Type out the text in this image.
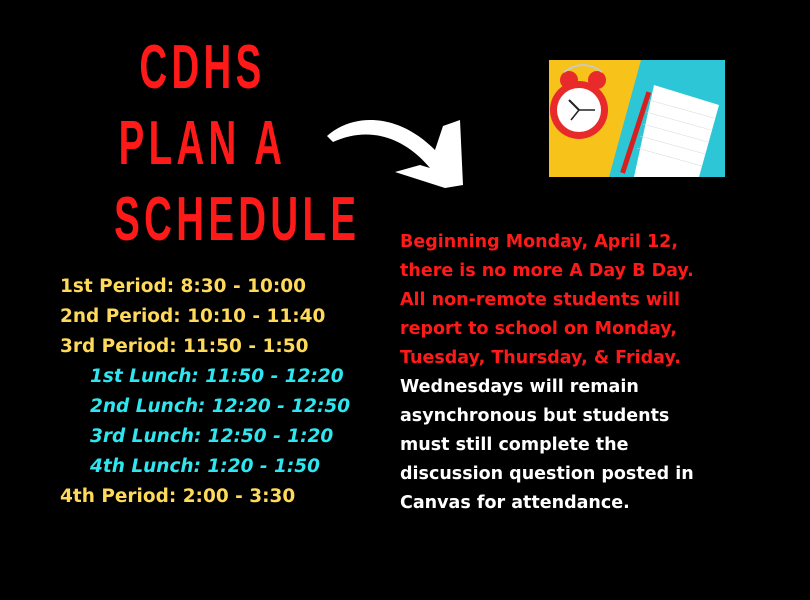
CDHS
PLAN A
SCHEDULE
1st Period: 8:30 - 10:00
2nd Period: 10:10 - 11:40
3rd Period: 11:50 - 1:50
1st Lunch: 11:50 - 12:20
2nd Lunch: 12:20 - 12:50
3rd Lunch: 12:50 - 1:20
4th Lunch: 1:20 - 1:50
4th Period: 2:00 - 3:30
Beginning Monday, April 12,
there is no more A Day B Day.
All non-remote students will
report to school on Monday,
Tuesday, Thursday, & Friday.
Wednesdays will remain
asynchronous but students
must still complete the
discussion question posted in
Canvas for attendance.
